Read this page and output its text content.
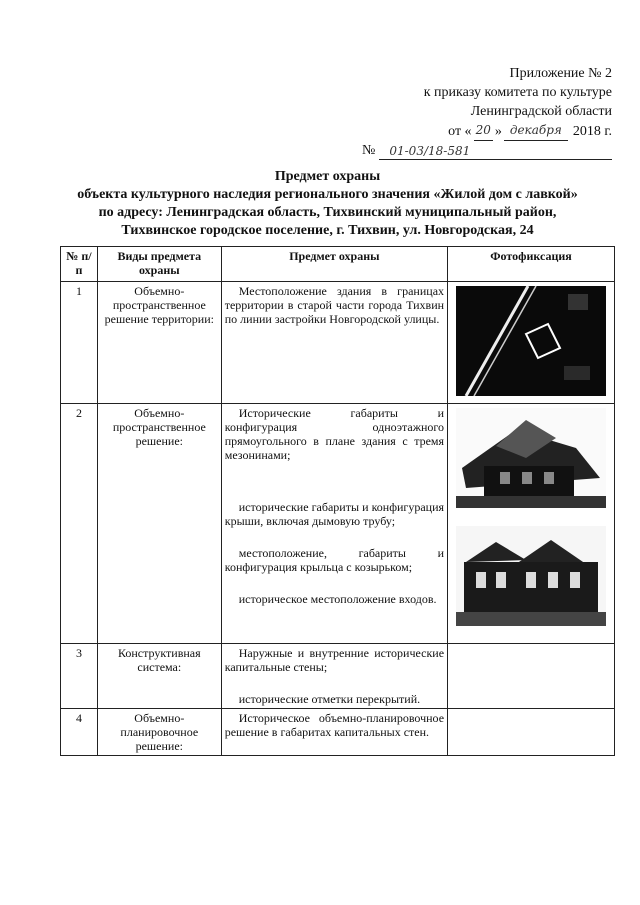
Приложение № 2
к приказу комитета по культуре
Ленинградской области
от « 20 » декабря 2018 г.
№	01-03/18-581
Предмет охраны
объекта культурного наследия регионального значения «Жилой дом с лавкой»
по адресу: Ленинградская область, Тихвинский муниципальный район,
Тихвинское городское поселение, г. Тихвин, ул. Новгородская, 24
№ п/п	Виды предмета охраны	Предмет охраны	Фотофиксация
1	Объемно-пространственное решение территории:	Местоположение здания в границах территории в старой части города Тихвин по линии застройки Новгородской улицы.

2	Объемно-пространственное решение:	Исторические габариты и конфигурация одноэтажного прямоугольного в плане здания с тремя мезонинами;

исторические габариты и конфигурация крыши, включая дымовую трубу;

местоположение, габариты и конфигурация крыльца с козырьком;

историческое местоположение входов.

3	Конструктивная система:	Наружные и внутренние исторические капитальные стены;

исторические отметки перекрытий.	

4	Объемно-планировочное решение:	Историческое объемно-планировочное решение в габаритах капитальных стен.	
